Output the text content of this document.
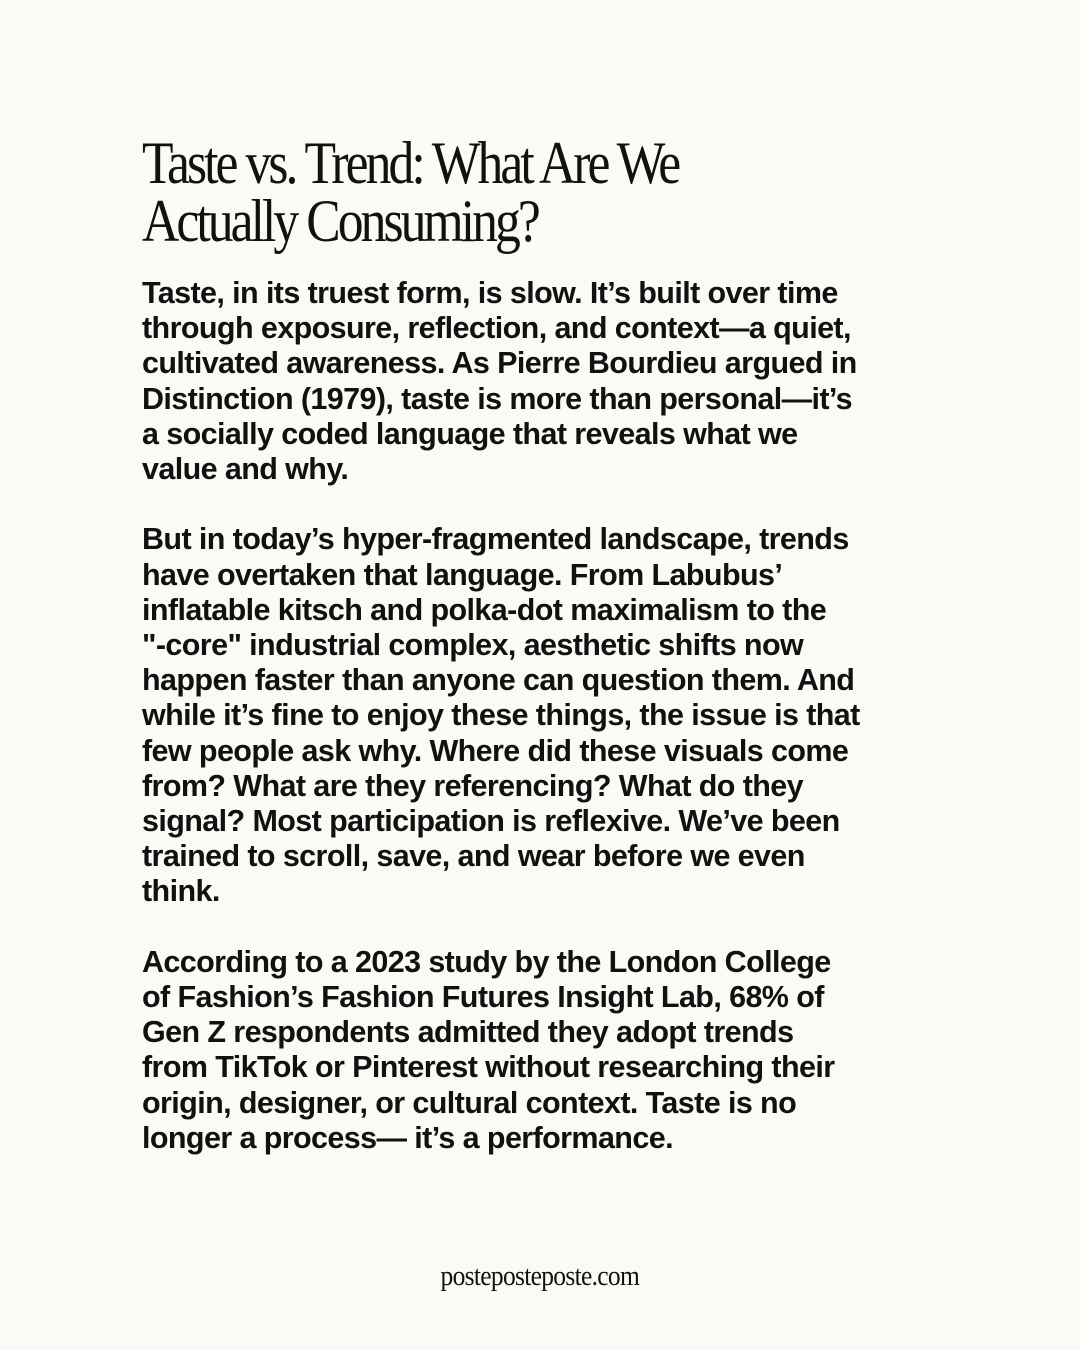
Taste vs. Trend: What Are We
Actually Consuming?

Taste, in its truest form, is slow. It’s built over time
through exposure, reflection, and context—a quiet,
cultivated awareness. As Pierre Bourdieu argued in
Distinction (1979), taste is more than personal—it’s
a socially coded language that reveals what we
value and why.

But in today’s hyper-fragmented landscape, trends
have overtaken that language. From Labubus’
inflatable kitsch and polka-dot maximalism to the
"-core" industrial complex, aesthetic shifts now
happen faster than anyone can question them. And
while it’s fine to enjoy these things, the issue is that
few people ask why. Where did these visuals come
from? What are they referencing? What do they
signal? Most participation is reflexive. We’ve been
trained to scroll, save, and wear before we even
think.

According to a 2023 study by the London College
of Fashion’s Fashion Futures Insight Lab, 68% of
Gen Z respondents admitted they adopt trends
from TikTok or Pinterest without researching their
origin, designer, or cultural context. Taste is no
longer a process— it’s a performance.

posteposteposte.com
